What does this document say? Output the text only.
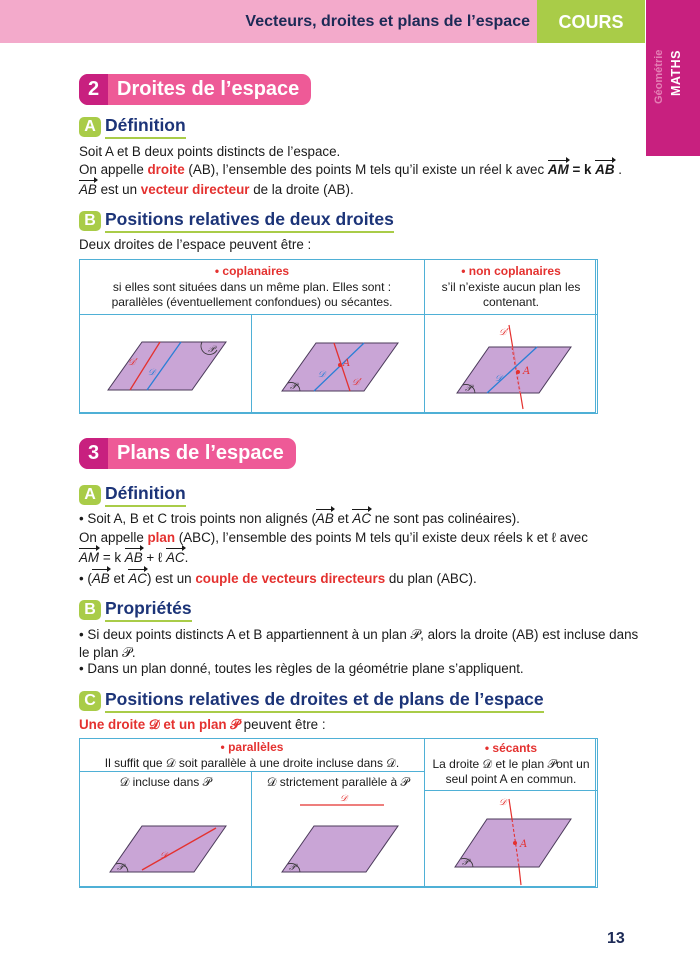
Vecteurs, droites et plans de l’espace	COURS
MATHS
Géométrie
2 Droites de l’espace
A Définition
Soit A et B deux points distincts de l’espace.
On appelle droite (AB), l’ensemble des points M tels qu’il existe un réel k avec AM = k AB .
AB est un vecteur directeur de la droite (AB).
B Positions relatives de deux droites
Deux droites de l’espace peuvent être :
• coplanaires
si elles sont situées dans un même plan. Elles sont :
parallèles (éventuellement confondues) ou sécantes.
• non coplanaires
s’il n’existe aucun plan les
contenant.
𝒫
𝒟’
𝒟
A
𝒫
𝒟
𝒟’
A
𝒫
𝒟
𝒟’
3 Plans de l’espace
A Définition
• Soit A, B et C trois points non alignés (AB et AC ne sont pas colinéaires).
On appelle plan (ABC), l’ensemble des points M tels qu’il existe deux réels k et ℓ avec
AM = k AB + ℓ AC.
• (AB et AC) est un couple de vecteurs directeurs du plan (ABC).
B Propriétés
• Si deux points distincts A et B appartiennent à un plan 𝒫, alors la droite (AB) est incluse dans
le plan 𝒫.
• Dans un plan donné, toutes les règles de la géométrie plane s’appliquent.
C Positions relatives de droites et de plans de l’espace
Une droite 𝒟 et un plan 𝒫 peuvent être :
• parallèles
Il suffit que 𝒟 soit parallèle à une droite incluse dans 𝒟.
• sécants
La droite 𝒟 et le plan 𝒫ont un
seul point A en commun.
𝒟 incluse dans 𝒫
𝒫
𝒟
𝒟 strictement parallèle à 𝒫
𝒟
𝒫
A
𝒟
𝒫
13
